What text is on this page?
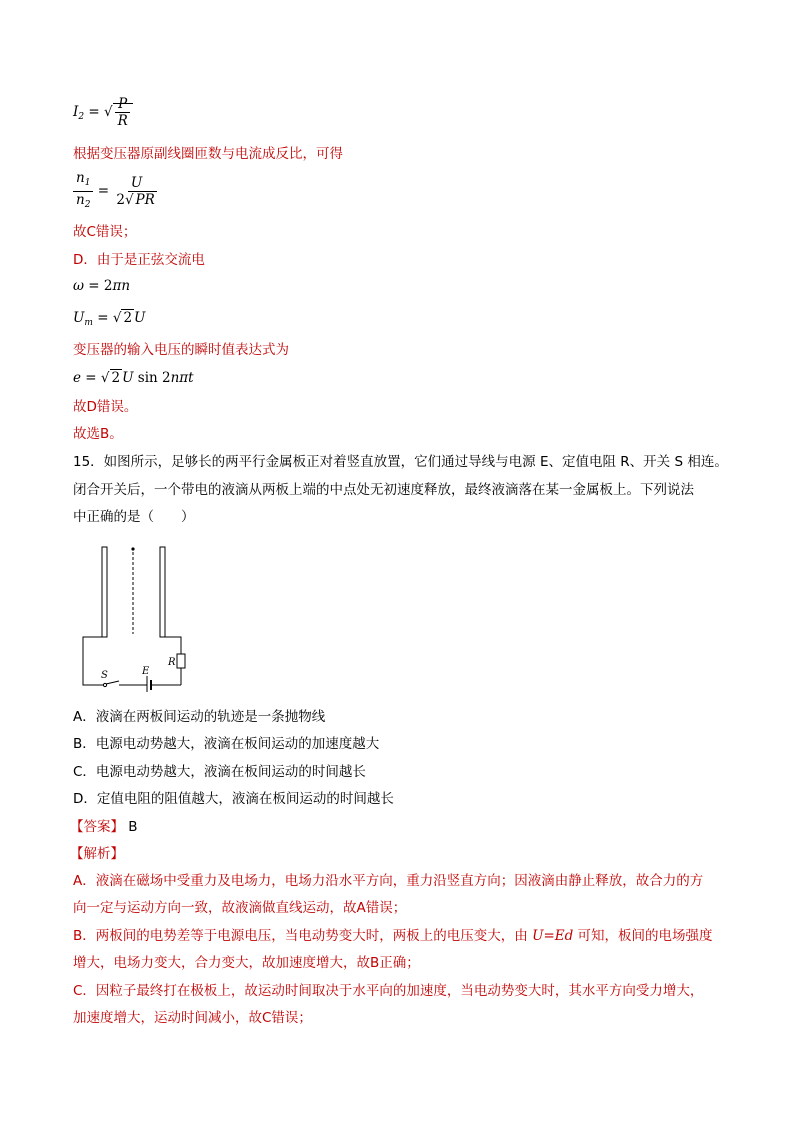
$I_2$ = √ $\frac{P}{R}$
根据变压器原副线圈匝数与电流成反比，可得
$\frac{n_1}{n_2} = \frac{U}{2√ PR}$
故C错误；
D．由于是正弦交流电
ω = 2πn
$U_m$ = √ 2 U
变压器的输入电压的瞬时值表达式为
e = √ 2 U sin 2nπt
故D错误。
故选B。
15．如图所示，足够长的两平行金属板正对着竖直放置，它们通过导线与电源 E、定值电阻 R、开关 S 相连。
闭合开关后，一个带电的液滴从两板上端的中点处无初速度释放，最终液滴落在某一金属板上。下列说法
中正确的是（　　）
R
S	E
A．液滴在两板间运动的轨迹是一条抛物线
B．电源电动势越大，液滴在板间运动的加速度越大
C．电源电动势越大，液滴在板间运动的时间越长
D．定值电阻的阻值越大，液滴在板间运动的时间越长
【答案】 B
【解析】
A．液滴在磁场中受重力及电场力，电场力沿水平方向，重力沿竖直方向；因液滴由静止释放，故合力的方
向一定与运动方向一致，故液滴做直线运动，故A错误；
B．两板间的电势差等于电源电压，当电动势变大时，两板上的电压变大，由 U=Ed 可知，板间的电场强度
增大，电场力变大，合力变大，故加速度增大，故B正确；
C．因粒子最终打在极板上，故运动时间取决于水平向的加速度，当电动势变大时，其水平方向受力增大，
加速度增大，运动时间减小，故C错误；
